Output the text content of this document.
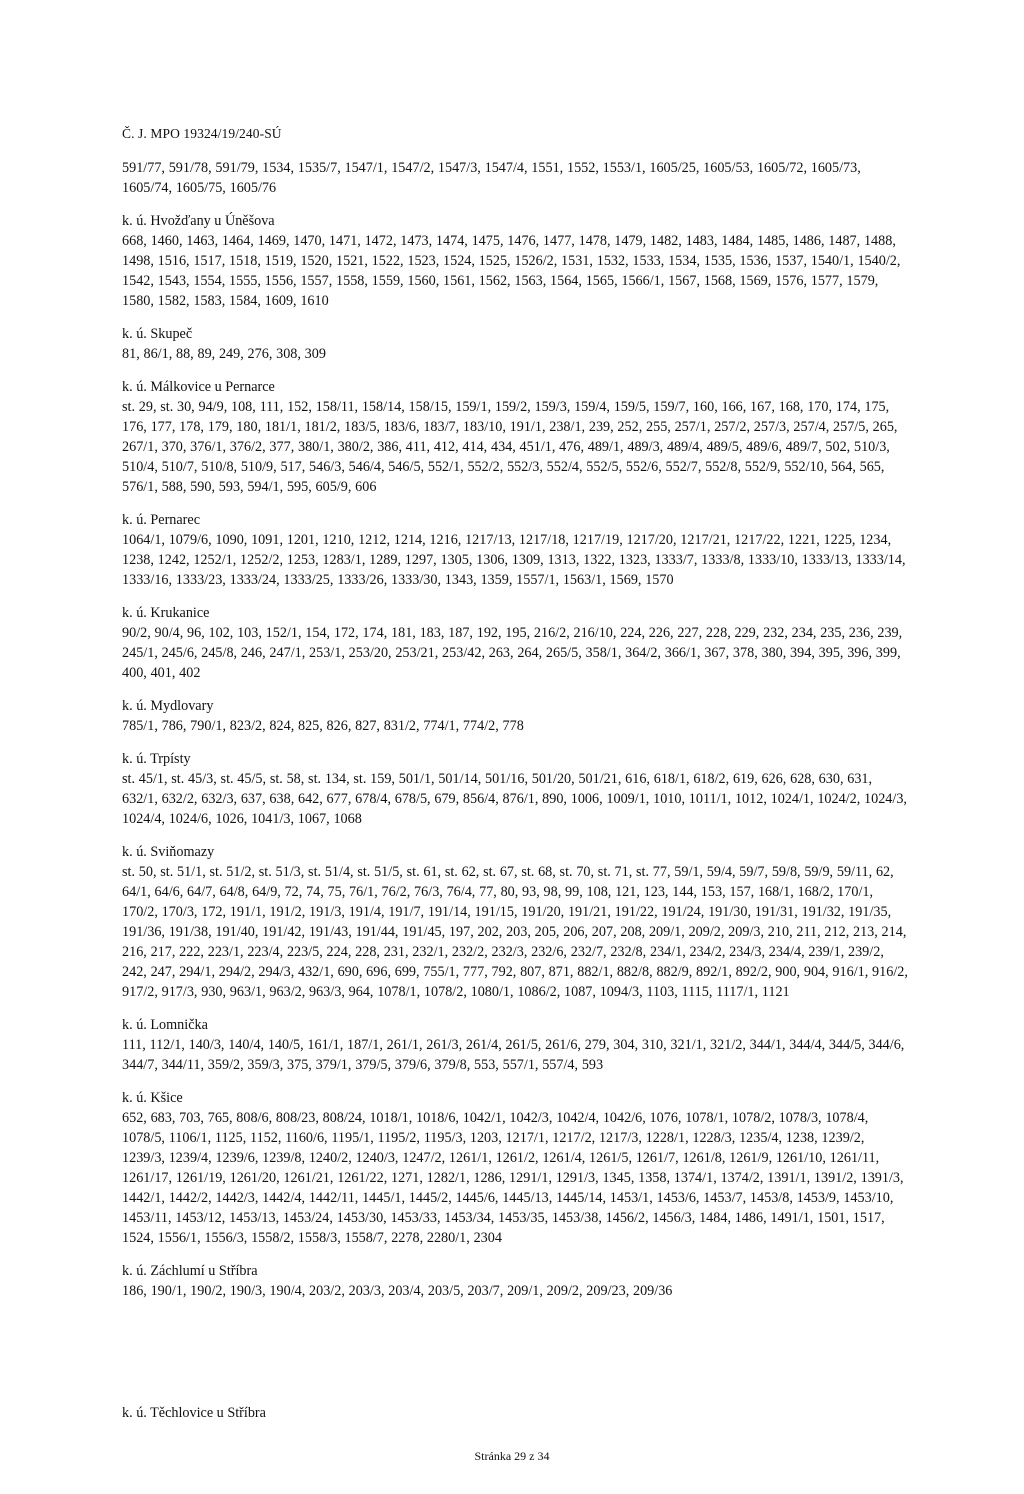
Č. J. MPO 19324/19/240-SÚ

591/77, 591/78, 591/79, 1534, 1535/7, 1547/1, 1547/2, 1547/3, 1547/4, 1551, 1552, 1553/1, 1605/25, 1605/53, 1605/72, 1605/73, 1605/74, 1605/75, 1605/76

k. ú. Hvožďany u Úněšova

668, 1460, 1463, 1464, 1469, 1470, 1471, 1472, 1473, 1474, 1475, 1476, 1477, 1478, 1479, 1482, 1483, 1484, 1485, 1486, 1487, 1488, 1498, 1516, 1517, 1518, 1519, 1520, 1521, 1522, 1523, 1524, 1525, 1526/2, 1531, 1532, 1533, 1534, 1535, 1536, 1537, 1540/1, 1540/2, 1542, 1543, 1554, 1555, 1556, 1557, 1558, 1559, 1560, 1561, 1562, 1563, 1564, 1565, 1566/1, 1567, 1568, 1569, 1576, 1577, 1579, 1580, 1582, 1583, 1584, 1609, 1610

k. ú. Skupeč

81, 86/1, 88, 89, 249, 276, 308, 309

k. ú. Málkovice u Pernarce

st. 29, st. 30, 94/9, 108, 111, 152, 158/11, 158/14, 158/15, 159/1, 159/2, 159/3, 159/4, 159/5, 159/7, 160, 166, 167, 168, 170, 174, 175, 176, 177, 178, 179, 180, 181/1, 181/2, 183/5, 183/6, 183/7, 183/10, 191/1, 238/1, 239, 252, 255, 257/1, 257/2, 257/3, 257/4, 257/5, 265, 267/1, 370, 376/1, 376/2, 377, 380/1, 380/2, 386, 411, 412, 414, 434, 451/1, 476, 489/1, 489/3, 489/4, 489/5, 489/6, 489/7, 502, 510/3, 510/4, 510/7, 510/8, 510/9, 517, 546/3, 546/4, 546/5, 552/1, 552/2, 552/3, 552/4, 552/5, 552/6, 552/7, 552/8, 552/9, 552/10, 564, 565, 576/1, 588, 590, 593, 594/1, 595, 605/9, 606

k. ú. Pernarec

1064/1, 1079/6, 1090, 1091, 1201, 1210, 1212, 1214, 1216, 1217/13, 1217/18, 1217/19, 1217/20, 1217/21, 1217/22, 1221, 1225, 1234, 1238, 1242, 1252/1, 1252/2, 1253, 1283/1, 1289, 1297, 1305, 1306, 1309, 1313, 1322, 1323, 1333/7, 1333/8, 1333/10, 1333/13, 1333/14, 1333/16, 1333/23, 1333/24, 1333/25, 1333/26, 1333/30, 1343, 1359, 1557/1, 1563/1, 1569, 1570

k. ú. Krukanice

90/2, 90/4, 96, 102, 103, 152/1, 154, 172, 174, 181, 183, 187, 192, 195, 216/2, 216/10, 224, 226, 227, 228, 229, 232, 234, 235, 236, 239, 245/1, 245/6, 245/8, 246, 247/1, 253/1, 253/20, 253/21, 253/42, 263, 264, 265/5, 358/1, 364/2, 366/1, 367, 378, 380, 394, 395, 396, 399, 400, 401, 402

k. ú. Mydlovary

785/1, 786, 790/1, 823/2, 824, 825, 826, 827, 831/2, 774/1, 774/2, 778

k. ú. Trpísty

st. 45/1, st. 45/3, st. 45/5, st. 58, st. 134, st. 159, 501/1, 501/14, 501/16, 501/20, 501/21, 616, 618/1, 618/2, 619, 626, 628, 630, 631, 632/1, 632/2, 632/3, 637, 638, 642, 677, 678/4, 678/5, 679, 856/4, 876/1, 890, 1006, 1009/1, 1010, 1011/1, 1012, 1024/1, 1024/2, 1024/3, 1024/4, 1024/6, 1026, 1041/3, 1067, 1068

k. ú. Sviňomazy

st. 50, st. 51/1, st. 51/2, st. 51/3, st. 51/4, st. 51/5, st. 61, st. 62, st. 67, st. 68, st. 70, st. 71, st. 77, 59/1, 59/4, 59/7, 59/8, 59/9, 59/11, 62, 64/1, 64/6, 64/7, 64/8, 64/9, 72, 74, 75, 76/1, 76/2, 76/3, 76/4, 77, 80, 93, 98, 99, 108, 121, 123, 144, 153, 157, 168/1, 168/2, 170/1, 170/2, 170/3, 172, 191/1, 191/2, 191/3, 191/4, 191/7, 191/14, 191/15, 191/20, 191/21, 191/22, 191/24, 191/30, 191/31, 191/32, 191/35, 191/36, 191/38, 191/40, 191/42, 191/43, 191/44, 191/45, 197, 202, 203, 205, 206, 207, 208, 209/1, 209/2, 209/3, 210, 211, 212, 213, 214, 216, 217, 222, 223/1, 223/4, 223/5, 224, 228, 231, 232/1, 232/2, 232/3, 232/6, 232/7, 232/8, 234/1, 234/2, 234/3, 234/4, 239/1, 239/2, 242, 247, 294/1, 294/2, 294/3, 432/1, 690, 696, 699, 755/1, 777, 792, 807, 871, 882/1, 882/8, 882/9, 892/1, 892/2, 900, 904, 916/1, 916/2, 917/2, 917/3, 930, 963/1, 963/2, 963/3, 964, 1078/1, 1078/2, 1080/1, 1086/2, 1087, 1094/3, 1103, 1115, 1117/1, 1121

k. ú. Lomnička

111, 112/1, 140/3, 140/4, 140/5, 161/1, 187/1, 261/1, 261/3, 261/4, 261/5, 261/6, 279, 304, 310, 321/1, 321/2, 344/1, 344/4, 344/5, 344/6, 344/7, 344/11, 359/2, 359/3, 375, 379/1, 379/5, 379/6, 379/8, 553, 557/1, 557/4, 593

k. ú. Kšice

652, 683, 703, 765, 808/6, 808/23, 808/24, 1018/1, 1018/6, 1042/1, 1042/3, 1042/4, 1042/6, 1076, 1078/1, 1078/2, 1078/3, 1078/4, 1078/5, 1106/1, 1125, 1152, 1160/6, 1195/1, 1195/2, 1195/3, 1203, 1217/1, 1217/2, 1217/3, 1228/1, 1228/3, 1235/4, 1238, 1239/2, 1239/3, 1239/4, 1239/6, 1239/8, 1240/2, 1240/3, 1247/2, 1261/1, 1261/2, 1261/4, 1261/5, 1261/7, 1261/8, 1261/9, 1261/10, 1261/11, 1261/17, 1261/19, 1261/20, 1261/21, 1261/22, 1271, 1282/1, 1286, 1291/1, 1291/3, 1345, 1358, 1374/1, 1374/2, 1391/1, 1391/2, 1391/3, 1442/1, 1442/2, 1442/3, 1442/4, 1442/11, 1445/1, 1445/2, 1445/6, 1445/13, 1445/14, 1453/1, 1453/6, 1453/7, 1453/8, 1453/9, 1453/10, 1453/11, 1453/12, 1453/13, 1453/24, 1453/30, 1453/33, 1453/34, 1453/35, 1453/38, 1456/2, 1456/3, 1484, 1486, 1491/1, 1501, 1517, 1524, 1556/1, 1556/3, 1558/2, 1558/3, 1558/7, 2278, 2280/1, 2304

k. ú. Záchlumí u Stříbra

186, 190/1, 190/2, 190/3, 190/4, 203/2, 203/3, 203/4, 203/5, 203/7, 209/1, 209/2, 209/23, 209/36

k. ú. Těchlovice u Stříbra
Stránka 29 z 34
